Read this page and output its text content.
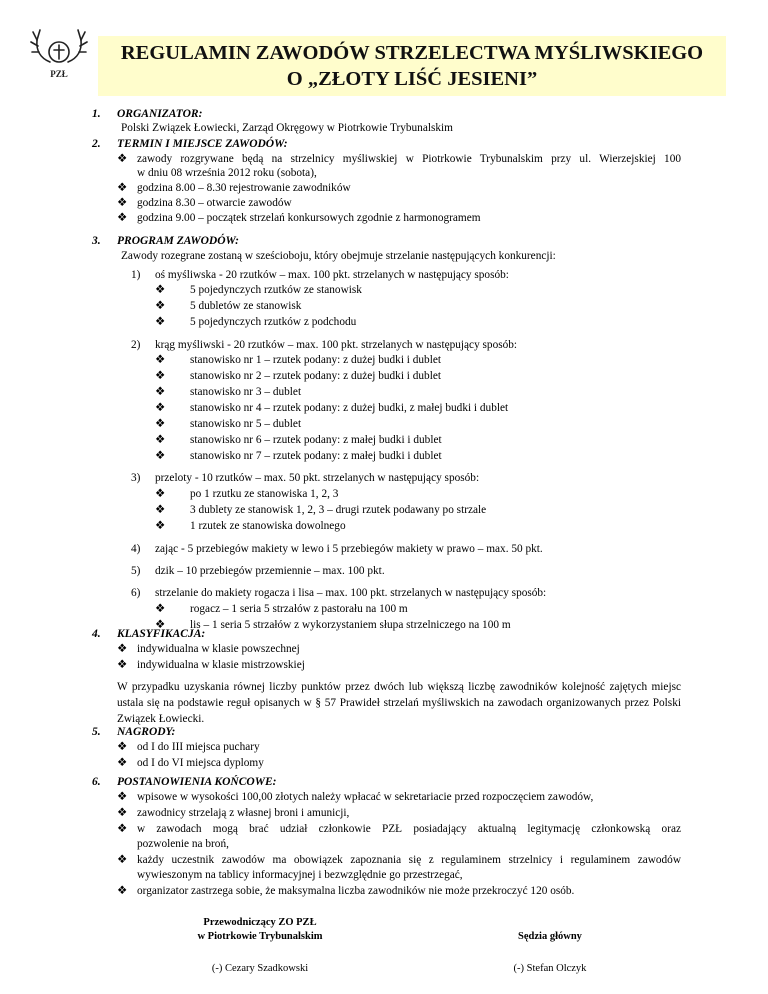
PZŁ
REGULAMIN ZAWODÓW STRZELECTWA MYŚLIWSKIEGO
O „ZŁOTY LIŚĆ JESIENI”
1. ORGANIZATOR:
Polski Związek Łowiecki, Zarząd Okręgowy w Piotrkowie Trybunalskim
2. TERMIN I MIEJSCE ZAWODÓW:
❖ zawody rozgrywane będą na strzelnicy myśliwskiej w Piotrkowie Trybunalskim przy ul. Wierzejskiej 100
w dniu 08 września 2012 roku (sobota),
❖ godzina 8.00 – 8.30 rejestrowanie zawodników
❖ godzina 8.30 – otwarcie zawodów
❖ godzina 9.00 – początek strzelań konkursowych zgodnie z harmonogramem
3. PROGRAM ZAWODÓW:
Zawody rozegrane zostaną w sześcioboju, który obejmuje strzelanie następujących konkurencji:
1) oś myśliwska - 20 rzutków – max. 100 pkt. strzelanych w następujący sposób:
❖ 5 pojedynczych rzutków ze stanowisk
❖ 5 dubletów ze stanowisk
❖ 5 pojedynczych rzutków z podchodu
2) krąg myśliwski - 20 rzutków – max. 100 pkt. strzelanych w następujący sposób:
❖ stanowisko nr 1 – rzutek podany: z dużej budki i dublet
❖ stanowisko nr 2 – rzutek podany: z dużej budki i dublet
❖ stanowisko nr 3 – dublet
❖ stanowisko nr 4 – rzutek podany: z dużej budki, z małej budki i dublet
❖ stanowisko nr 5 – dublet
❖ stanowisko nr 6 – rzutek podany: z małej budki i dublet
❖ stanowisko nr 7 – rzutek podany: z małej budki i dublet
3) przeloty - 10 rzutków – max. 50 pkt. strzelanych w następujący sposób:
❖ po 1 rzutku ze stanowiska 1, 2, 3
❖ 3 dublety ze stanowisk 1, 2, 3 – drugi rzutek podawany po strzale
❖ 1 rzutek ze stanowiska dowolnego
4) zając - 5 przebiegów makiety w lewo i 5 przebiegów makiety w prawo – max. 50 pkt.
5) dzik – 10 przebiegów przemiennie – max. 100 pkt.
6) strzelanie do makiety rogacza i lisa – max. 100 pkt. strzelanych w następujący sposób:
❖ rogacz – 1 seria 5 strzałów z pastorału na 100 m
❖ lis – 1 seria 5 strzałów z wykorzystaniem słupa strzelniczego na 100 m
4. KLASYFIKACJA:
❖ indywidualna w klasie powszechnej
❖ indywidualna w klasie mistrzowskiej
W przypadku uzyskania równej liczby punktów przez dwóch lub większą liczbę zawodników kolejność zajętych miejsc ustala się na podstawie reguł opisanych w § 57 Prawideł strzelań myśliwskich na zawodach organizowanych przez Polski Związek Łowiecki.
5. NAGRODY:
❖ od I do III miejsca puchary
❖ od I do VI miejsca dyplomy
6. POSTANOWIENIA KOŃCOWE:
❖ wpisowe w wysokości 100,00 złotych należy wpłacać w sekretariacie przed rozpoczęciem zawodów,
❖ zawodnicy strzelają z własnej broni i amunicji,
❖ w zawodach mogą brać udział członkowie PZŁ posiadający aktualną legitymację członkowską oraz
pozwolenie na broń,
❖ każdy uczestnik zawodów ma obowiązek zapoznania się z regulaminem strzelnicy i regulaminem zawodów
wywieszonym na tablicy informacyjnej i bezwzględnie go przestrzegać,
❖ organizator zastrzega sobie, że maksymalna liczba zawodników nie może przekroczyć 120 osób.
Przewodniczący ZO PZŁ
w Piotrkowie Trybunalskim
(-) Cezary Szadkowski
Sędzia główny
(-) Stefan Olczyk
